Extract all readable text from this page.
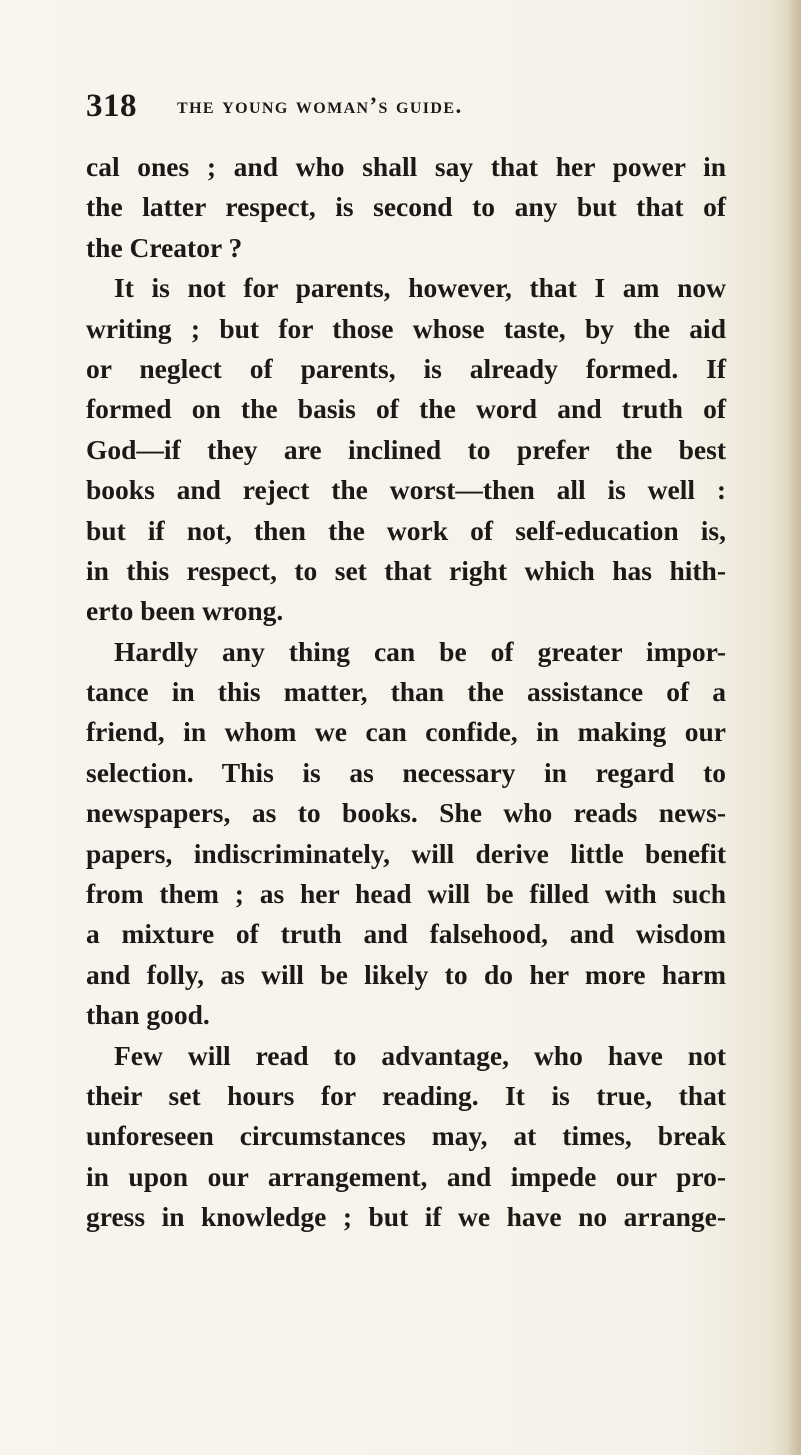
318 the young woman’s guide.
cal ones ; and who shall say that her power in
the latter respect, is second to any but that of
the Creator ?
It is not for parents, however, that I am now
writing ; but for those whose taste, by the aid
or neglect of parents, is already formed. If
formed on the basis of the word and truth of
God—if they are inclined to prefer the best
books and reject the worst—then all is well :
but if not, then the work of self-education is,
in this respect, to set that right which has hith-
erto been wrong.
Hardly any thing can be of greater impor-
tance in this matter, than the assistance of a
friend, in whom we can confide, in making our
selection. This is as necessary in regard to
newspapers, as to books. She who reads news-
papers, indiscriminately, will derive little benefit
from them ; as her head will be filled with such
a mixture of truth and falsehood, and wisdom
and folly, as will be likely to do her more harm
than good.
Few will read to advantage, who have not
their set hours for reading. It is true, that
unforeseen circumstances may, at times, break
in upon our arrangement, and impede our pro-
gress in knowledge ; but if we have no arrange-
